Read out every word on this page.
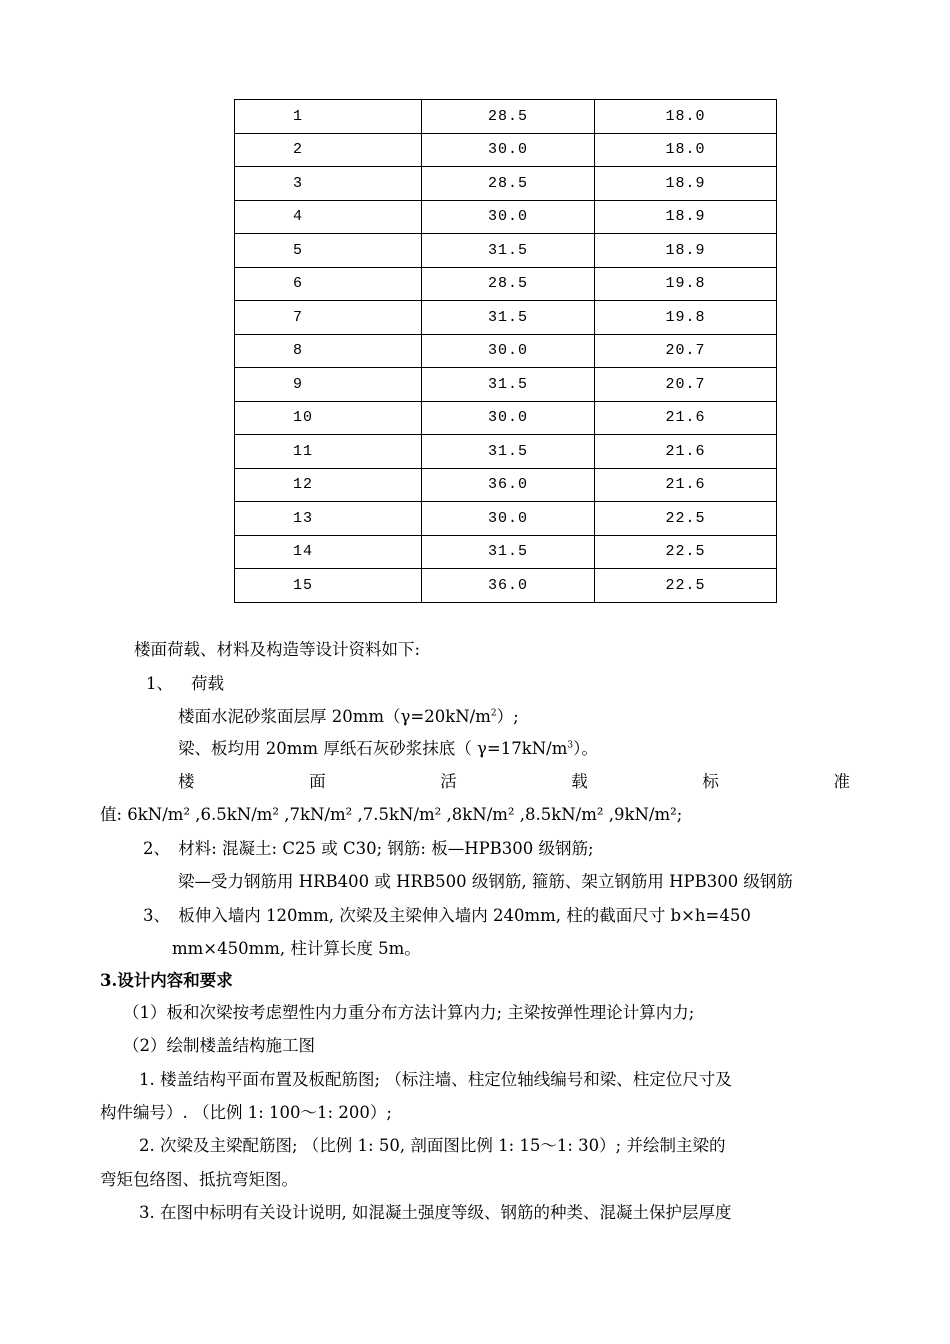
1	28.5	18.0
2	30.0	18.0
3	28.5	18.9
4	30.0	18.9
5	31.5	18.9
6	28.5	19.8
7	31.5	19.8
8	30.0	20.7
9	31.5	20.7
10	30.0	21.6
11	31.5	21.6
12	36.0	21.6
13	30.0	22.5
14	31.5	22.5
15	36.0	22.5
楼面荷载、材料及构造等设计资料如下:
1、 荷载
楼面水泥砂浆面层厚 $20mm(\gamma=20kN/m^2)$;
梁、板均用 20mm 厚纸石灰砂浆抹底（ $\gamma=17kN/m^3$）。
楼	面	活	载	标	准
值: 6kN/m² ,6.5kN/m² ,7kN/m² ,7.5kN/m² ,8kN/m² ,8.5kN/m² ,9kN/m²;
2、　材料: 混凝土: C25 或 C30; 钢筋: 板—HPB300 级钢筋;
梁—受力钢筋用 HRB400 或 HRB500 级钢筋, 箍筋、架立钢筋用 HPB300 级钢筋
3、　板伸入墙内 120mm, 次梁及主梁伸入墙内 240mm, 柱的截面尺寸 b×h=450
mm×450mm, 柱计算长度 5m。
3.设计内容和要求
（1）板和次梁按考虑塑性内力重分布方法计算内力; 主梁按弹性理论计算内力;
（2）绘制楼盖结构施工图
1. 楼盖结构平面布置及板配筋图; （标注墙、柱定位轴线编号和梁、柱定位尺寸及
构件编号）. （比例 1: 100～1: 200）;
2. 次梁及主梁配筋图; （比例 1: 50, 剖面图比例 1: 15～1: 30）; 并绘制主梁的
弯矩包络图、抵抗弯矩图。
3. 在图中标明有关设计说明, 如混凝土强度等级、钢筋的种类、混凝土保护层厚度
